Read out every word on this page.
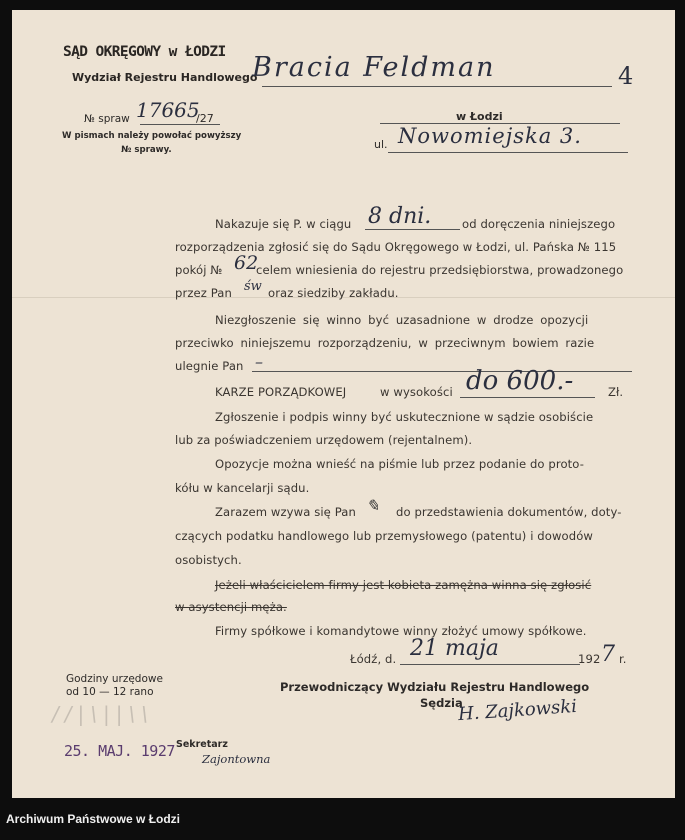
SĄD OKRĘGOWY w ŁODZI
Wydział Rejestru Handlowego
№ spraw 17665
/27
W pismach należy powołać powyższy
№ sprawy.
Bracia Feldman	4
w Łodzi
ul. Nowomiejska 3.
Nakazuje się P. w ciągu 8 dni.	od doręczenia niniejszego
rozporządzenia zgłosić się do Sądu Okręgowego w Łodzi, ul. Pańska № 115
pokój № 62
celem wniesienia do rejestru przedsiębiorstwa, prowadzonego
przez Pan św oraz siedziby zakładu.
Niezgłoszenie się winno być uzasadnione w drodze opozycji
przeciwko niniejszemu rozporządzeniu, w przeciwnym bowiem razie
ulegnie Pan –
KARZE PORZĄDKOWEJ	w wysokości do 600.-	Zł.
Zgłoszenie i podpis winny być uskutecznione w sądzie osobiście
lub za poświadczeniem urzędowem (rejentalnem).
Opozycje można wnieść na piśmie lub przez podanie do proto-
kółu w kancelarji sądu.
Zarazem wzywa się Pan ✎ do przedstawienia dokumentów, doty-
czących podatku handlowego lub przemysłowego (patentu) i dowodów
osobistych.
Jeżeli właścicielem firmy jest kobieta zamężna winna się zgłosić
w asystencji męża.
Firmy spółkowe i komandytowe winny złożyć umowy spółkowe.
Łódź, d. 21 maja	192 7 r.
Przewodniczący Wydziału Rejestru Handlowego
Sędzia
H. Zajkowski
Godziny urzędowe
od 10 — 12 rano
//|\||\\
25. MAJ. 1927 Sekretarz
Zajontowna
Archiwum Państwowe w Łodzi
